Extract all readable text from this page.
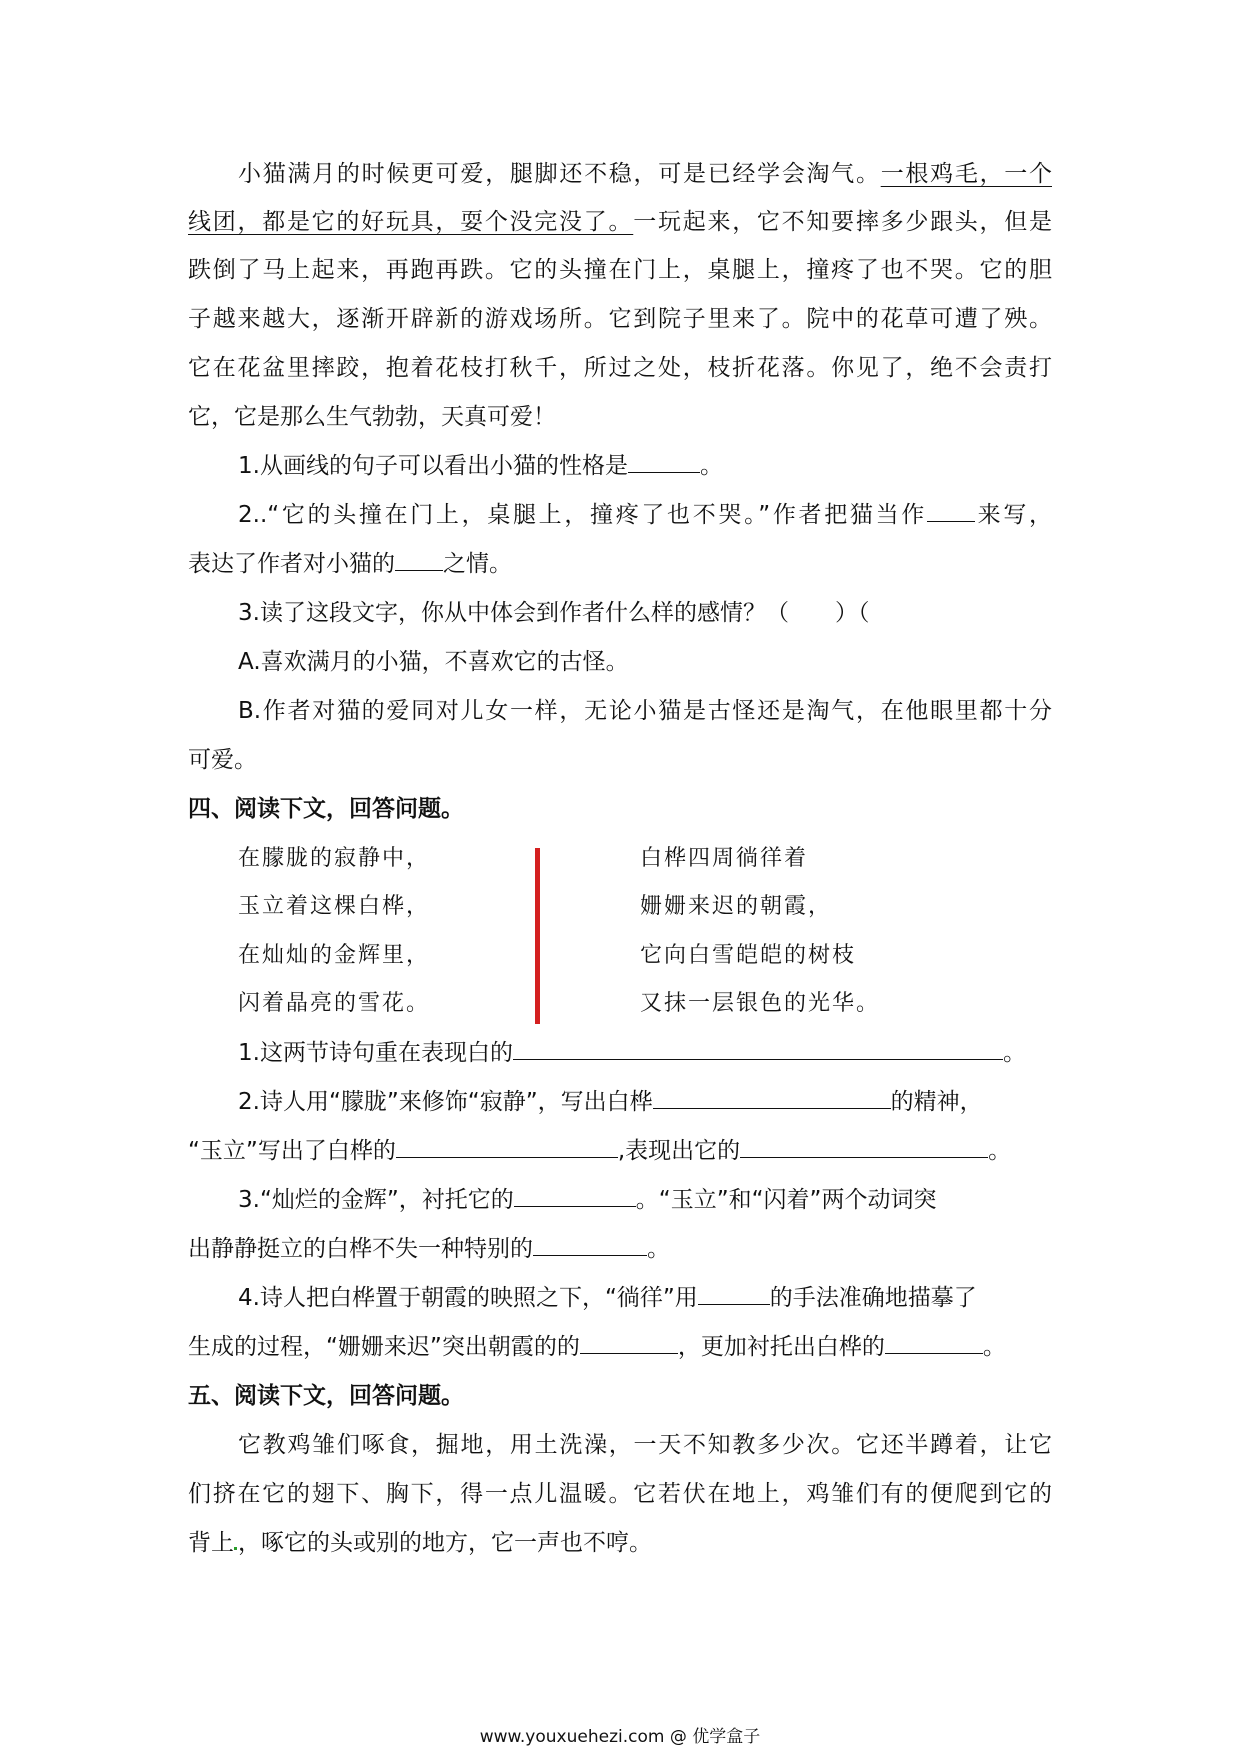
小猫满月的时候更可爱，腿脚还不稳，可是已经学会淘气。一根鸡毛，一个
线团，都是它的好玩具，耍个没完没了。一玩起来，它不知要摔多少跟头，但是
跌倒了马上起来，再跑再跌。它的头撞在门上，桌腿上，撞疼了也不哭。它的胆
子越来越大，逐渐开辟新的游戏场所。它到院子里来了。院中的花草可遭了殃。
它在花盆里摔跤，抱着花枝打秋千，所过之处，枝折花落。你见了，绝不会责打
它，它是那么生气勃勃，天真可爱！
1.从画线的句子可以看出小猫的性格是	。
2..“它的头撞在门上，桌腿上，撞疼了也不哭。”作者把猫当作 来写，
表达了作者对小猫的 之情。
3.读了这段文字，你从中体会到作者什么样的感情？（　　）（
A.喜欢满月的小猫，不喜欢它的古怪。
B.作者对猫的爱同对儿女一样，无论小猫是古怪还是淘气，在他眼里都十分
可爱。
四、阅读下文，回答问题。
在朦胧的寂静中，
玉立着这棵白桦，
在灿灿的金辉里，
闪着晶亮的雪花。
白桦四周徜徉着
姗姗来迟的朝霞，
它向白雪皑皑的树枝
又抹一层银色的光华。
1.这两节诗句重在表现白的	。
2.诗人用“朦胧”来修饰“寂静”，写出白桦	的精神，
“玉立”写出了白桦的	,表现出它的	。
3.“灿烂的金辉”，衬托它的	。“玉立”和“闪着”两个动词突
出静静挺立的白桦不失一种特别的	。
4.诗人把白桦置于朝霞的映照之下，“徜徉”用	的手法准确地描摹了
生成的过程，“姗姗来迟”突出朝霞的的	，更加衬托出白桦的	。
五、阅读下文，回答问题。
它教鸡雏们啄食，掘地，用土洗澡，一天不知教多少次。它还半蹲着，让它
们挤在它的翅下、胸下，得一点儿温暖。它若伏在地上，鸡雏们有的便爬到它的
背上 ，啄它的头或别的地方，它一声也不哼。
www.youxuehezi.com @ 优学盒子
